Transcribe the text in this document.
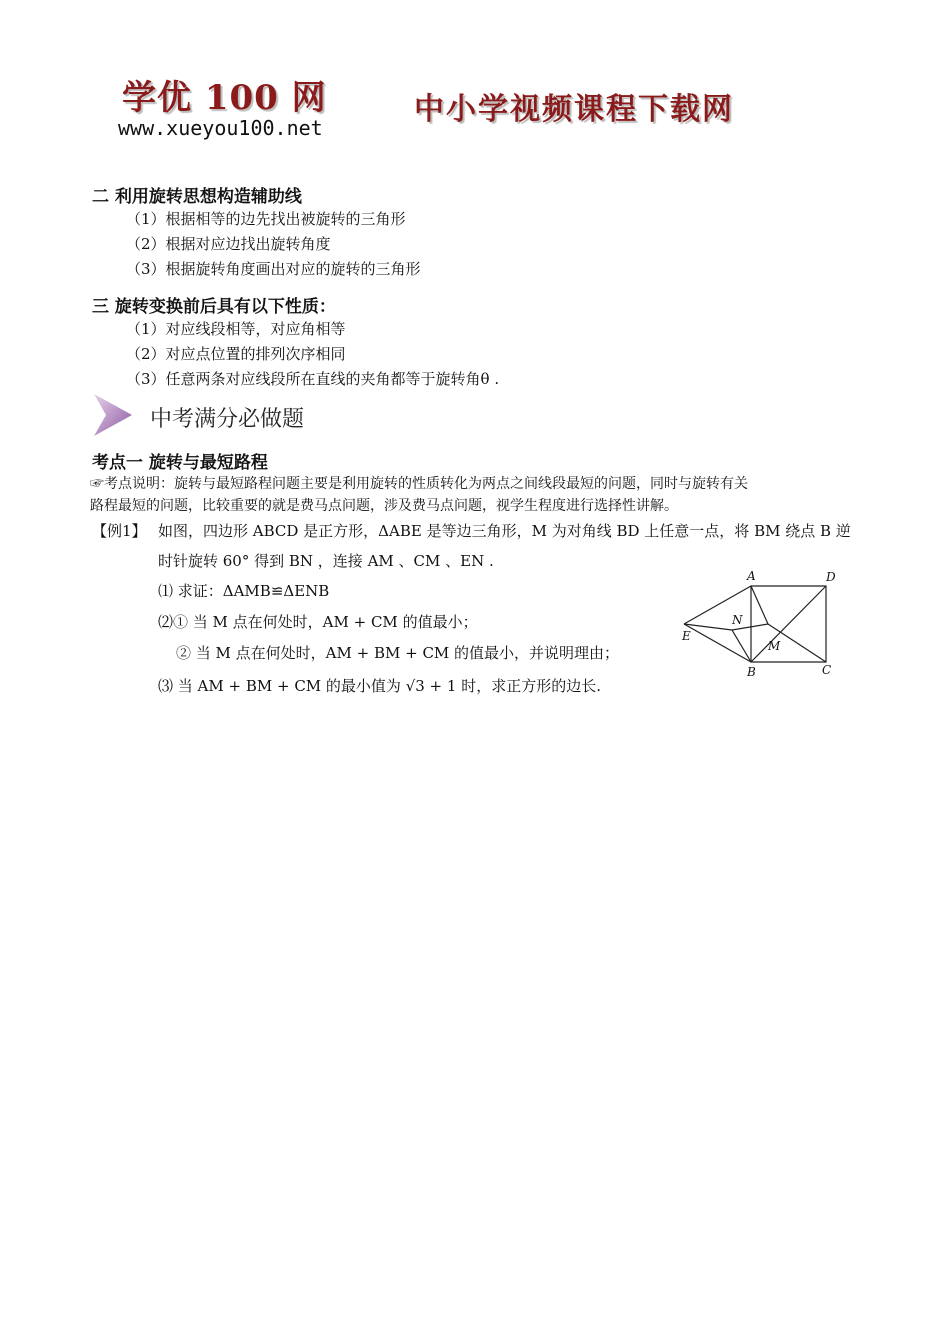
学优 100 网
www.xueyou100.net
中小学视频课程下载网
二 利用旋转思想构造辅助线
（1）根据相等的边先找出被旋转的三角形
（2）根据对应边找出旋转角度
（3）根据旋转角度画出对应的旋转的三角形
三 旋转变换前后具有以下性质：
（1）对应线段相等，对应角相等
（2）对应点位置的排列次序相同
（3）任意两条对应线段所在直线的夹角都等于旋转角θ .
中考满分必做题
考点一 旋转与最短路程
☞考点说明：旋转与最短路程问题主要是利用旋转的性质转化为两点之间线段最短的问题，同时与旋转有关
路程最短的问题，比较重要的就是费马点问题，涉及费马点问题，视学生程度进行选择性讲解。
【例1】 如图，四边形 ABCD 是正方形，ΔABE 是等边三角形，M 为对角线 BD 上任意一点，将 BM 绕点 B 逆
时针旋转 60° 得到 BN ，连接 AM 、CM 、EN .
⑴ 求证：ΔAMB≌ΔENB
⑵① 当 M 点在何处时，AM + CM 的值最小；
② 当 M 点在何处时，AM + BM + CM 的值最小，并说明理由；
⑶ 当 AM + BM + CM 的最小值为 √3 + 1 时，求正方形的边长.
A	D
B	C
E
N
M
